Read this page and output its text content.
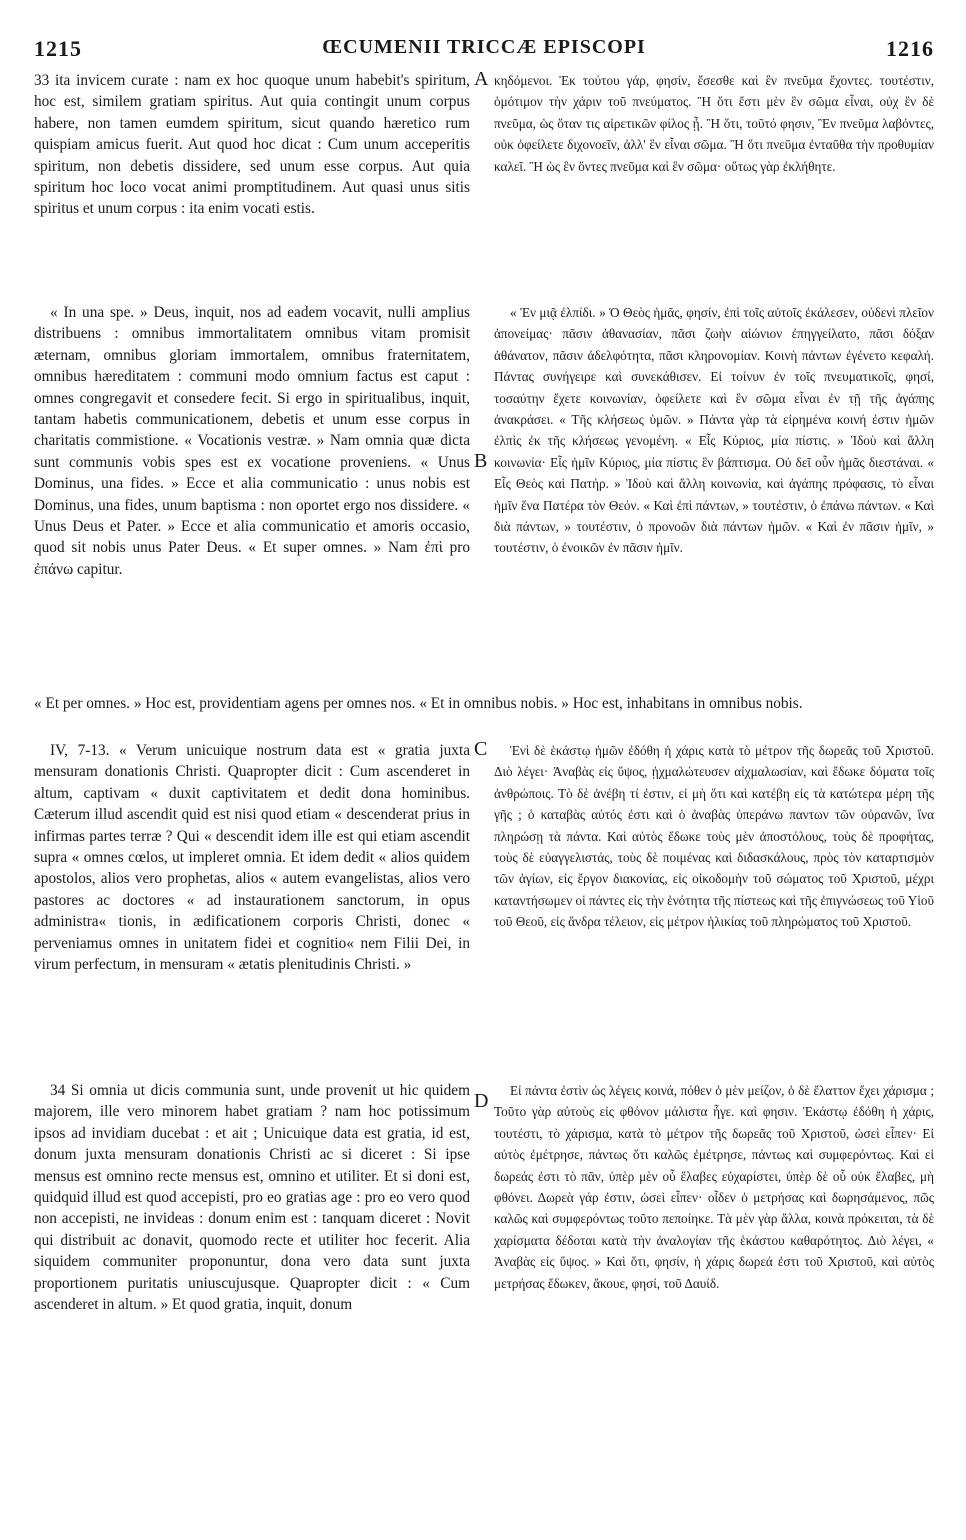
1215	ŒCUMENII TRICCÆ EPISCOPI	1216

33 ita invicem curate : nam ex hoc quoque unum habebit's spiritum, hoc est, similem gratiam spiritus. Aut quia contingit unum corpus habere, non tamen eumdem spiritum, sicut quando hæretico rum quispiam amicus fuerit. Aut quod hoc dicat : Cum unum acceperitis spiritum, non debetis dissidere, sed unum esse corpus. Aut quia spiritum hoc loco vocat animi promptitudinem. Aut quasi unus sitis spiritus et unum corpus : ita enim vocati estis.

κηδόμενοι. Ἐκ τούτου γάρ, φησίν, ἔσεσθε καὶ ἓν πνεῦμα ἔχοντες. τουτέστιν, ὁμότιμον τὴν χάριν τοῦ πνεύματος. Ἢ ὅτι ἔστι μὲν ἓν σῶμα εἶναι, οὐχ ἓν δὲ πνεῦμα, ὡς ὅταν τις αἱρετικῶν φίλος ᾖ. Ἢ ὅτι, τοῦτό φησιν, Ἓν πνεῦμα λαβόντες, οὐκ ὀφείλετε διχονοεῖν, ἀλλ' ἓν εἶναι σῶμα. Ἢ ὅτι πνεῦμα ἐνταῦθα τὴν προθυμίαν καλεῖ. Ἢ ὡς ἓν ὄντες πνεῦμα καὶ ἓν σῶμα· οὕτως γὰρ ἐκλήθητε.

A

« In una spe. » Deus, inquit, nos ad eadem vocavit, nulli amplius distribuens : omnibus immortalitatem omnibus vitam promisit æternam, omnibus gloriam immortalem, omnibus fraternitatem, omnibus hæreditatem : communi modo omnium factus est caput : omnes congregavit et consedere fecit. Si ergo in spiritualibus, inquit, tantam habetis communicationem, debetis et unum esse corpus in charitatis commistione. « Vocationis vestræ. » Nam omnia quæ dicta sunt communis vobis spes est ex vocatione proveniens. « Unus Dominus, una fides. » Ecce et alia communicatio : unus nobis est Dominus, una fides, unum baptisma : non oportet ergo nos dissidere. « Unus Deus et Pater. » Ecce et alia communicatio et amoris occasio, quod sit nobis unus Pater Deus. « Et super omnes. » Nam ἐπὶ pro ἐπάνω capitur.

« Ἐν μιᾷ ἐλπίδι. » Ὁ Θεὸς ἡμᾶς, φησίν, ἐπὶ τοῖς αὐτοῖς ἐκάλεσεν, οὐδενὶ πλεῖον ἀπονείμας· πᾶσιν ἀθανασίαν, πᾶσι ζωὴν αἰώνιον ἐπηγγείλατο, πᾶσι δόξαν ἀθάνατον, πᾶσιν ἀδελφότητα, πᾶσι κληρονομίαν. Κοινὴ πάντων ἐγένετο κεφαλή. Πάντας συνήγειρε καὶ συνεκάθισεν. Εἰ τοίνυν ἐν τοῖς πνευματικοῖς, φησί, τοσαύτην ἔχετε κοινωνίαν, ὀφείλετε καὶ ἓν σῶμα εἶναι ἐν τῇ τῆς ἀγάπης ἀνακράσει. « Τῆς κλήσεως ὑμῶν. » Πάντα γὰρ τὰ εἰρημένα κοινή ἐστιν ἡμῶν ἐλπὶς ἐκ τῆς κλήσεως γενομένη. « Εἷς Κύριος, μία πίστις. » Ἰδοὺ καὶ ἄλλη κοινωνία· Εἷς ἡμῖν Κύριος, μία πίστις ἓν βάπτισμα. Οὐ δεῖ οὖν ἡμᾶς διεστάναι. « Εἷς Θεὸς καὶ Πατήρ. » Ἰδοὺ καὶ ἄλλη κοινωνία, καὶ ἀγάπης πρόφασις, τὸ εἶναι ἡμῖν ἕνα Πατέρα τὸν Θεόν. « Καὶ ἐπὶ πάντων, » τουτέστιν, ὁ ἐπάνω πάντων. « Καὶ διὰ πάντων, » τουτέστιν, ὁ προνοῶν διὰ πάντων ἡμῶν. « Καὶ ἐν πᾶσιν ἡμῖν, » τουτέστιν, ὁ ἐνοικῶν ἐν πᾶσιν ἡμῖν.

B

« Et per omnes. » Hoc est, providentiam agens per omnes nos. « Et in omnibus nobis. » Hoc est, inhabitans in omnibus nobis.

IV, 7-13. « Verum unicuique nostrum data est « gratia juxta mensuram donationis Christi. Quapropter dicit : Cum ascenderet in altum, captivam « duxit captivitatem et dedit dona hominibus. Cæterum illud ascendit quid est nisi quod etiam « descenderat prius in infirmas partes terræ ? Qui « descendit idem ille est qui etiam ascendit supra « omnes cœlos, ut impleret omnia. Et idem dedit « alios quidem apostolos, alios vero prophetas, alios « autem evangelistas, alios vero pastores ac doctores « ad instaurationem sanctorum, in opus administra« tionis, in ædificationem corporis Christi, donec « perveniamus omnes in unitatem fidei et cognitio« nem Filii Dei, in virum perfectum, in mensuram « ætatis plenitudinis Christi. »

Ἑνὶ δὲ ἑκάστῳ ἡμῶν ἐδόθη ἡ χάρις κατὰ τὸ μέτρον τῆς δωρεᾶς τοῦ Χριστοῦ. Διὸ λέγει· Ἀναβὰς εἰς ὕψος, ᾐχμαλώτευσεν αἰχμαλωσίαν, καὶ ἔδωκε δόματα τοῖς ἀνθρώποις. Τὸ δὲ ἀνέβη τί ἐστιν, εἰ μὴ ὅτι καὶ κατέβη εἰς τὰ κατώτερα μέρη τῆς γῆς ; ὁ καταβὰς αὐτός ἐστι καὶ ὁ ἀναβὰς ὑπεράνω παντων τῶν οὐρανῶν, ἵνα πληρώσῃ τὰ πάντα. Καὶ αὐτὸς ἔδωκε τοὺς μὲν ἀποστόλους, τοὺς δὲ προφήτας, τοὺς δὲ εὐαγγελιστάς, τοὺς δὲ ποιμένας καὶ διδασκάλους, πρὸς τὸν καταρτισμὸν τῶν ἁγίων, εἰς ἔργον διακονίας, εἰς οἰκοδομὴν τοῦ σώματος τοῦ Χριστοῦ, μέχρι καταντήσωμεν οἱ πάντες εἰς τὴν ἑνότητα τῆς πίστεως καὶ τῆς ἐπιγνώσεως τοῦ Υἱοῦ τοῦ Θεοῦ, εἰς ἄνδρα τέλειον, εἰς μέτρον ἡλικίας τοῦ πληρώματος τοῦ Χριστοῦ.

C

34 Si omnia ut dicis communia sunt, unde provenit ut hic quidem majorem, ille vero minorem habet gratiam ? nam hoc potissimum ipsos ad invidiam ducebat : et ait ; Unicuique data est gratia, id est, donum juxta mensuram donationis Christi ac si diceret : Si ipse mensus est omnino recte mensus est, omnino et utiliter. Et si doni est, quidquid illud est quod accepisti, pro eo gratias age : pro eo vero quod non accepisti, ne invideas : donum enim est : tanquam diceret : Novit qui distribuit ac donavit, quomodo recte et utiliter hoc fecerit. Alia siquidem communiter proponuntur, dona vero data sunt juxta proportionem puritatis uniuscujusque. Quapropter dicit : « Cum ascenderet in altum. » Et quod gratia, inquit, donum

Εἰ πάντα ἐστὶν ὡς λέγεις κοινά, πόθεν ὁ μὲν μείζον, ὁ δὲ ἔλαττον ἔχει χάρισμα ; Τοῦτο γὰρ αὐτοὺς εἰς φθόνον μάλιστα ἦγε. καὶ φησιν. Ἑκάστῳ ἐδόθη ἡ χάρις, τουτέστι, τὸ χάρισμα, κατὰ τὸ μέτρον τῆς δωρεᾶς τοῦ Χριστοῦ, ὡσεὶ εἶπεν· Εἰ αὐτὸς ἐμέτρησε, πάντως ὅτι καλῶς ἐμέτρησε, πάντως καὶ συμφερόντως. Καὶ εἰ δωρεάς ἐστι τὸ πᾶν, ὑπὲρ μὲν οὗ ἔλαβες εὐχαρίστει, ὑπὲρ δὲ οὗ οὐκ ἔλαβες, μὴ φθόνει. Δωρεὰ γάρ ἐστιν, ὡσεὶ εἶπεν· οἶδεν ὁ μετρήσας καὶ δωρησάμενος, πῶς καλῶς καὶ συμφερόντως τοῦτο πεποίηκε. Τὰ μὲν γὰρ ἄλλα, κοινὰ πρόκειται, τὰ δὲ χαρίσματα δέδοται κατὰ τὴν ἀναλογίαν τῆς ἑκάστου καθαρότητος. Διὸ λέγει, « Ἀναβὰς εἰς ὕψος. » Καὶ ὅτι, φησίν, ἡ χάρις δωρεά ἐστι τοῦ Χριστοῦ, καὶ αὐτὸς μετρήσας ἔδωκεν, ἄκουε, φησί, τοῦ Δαυίδ.

D
